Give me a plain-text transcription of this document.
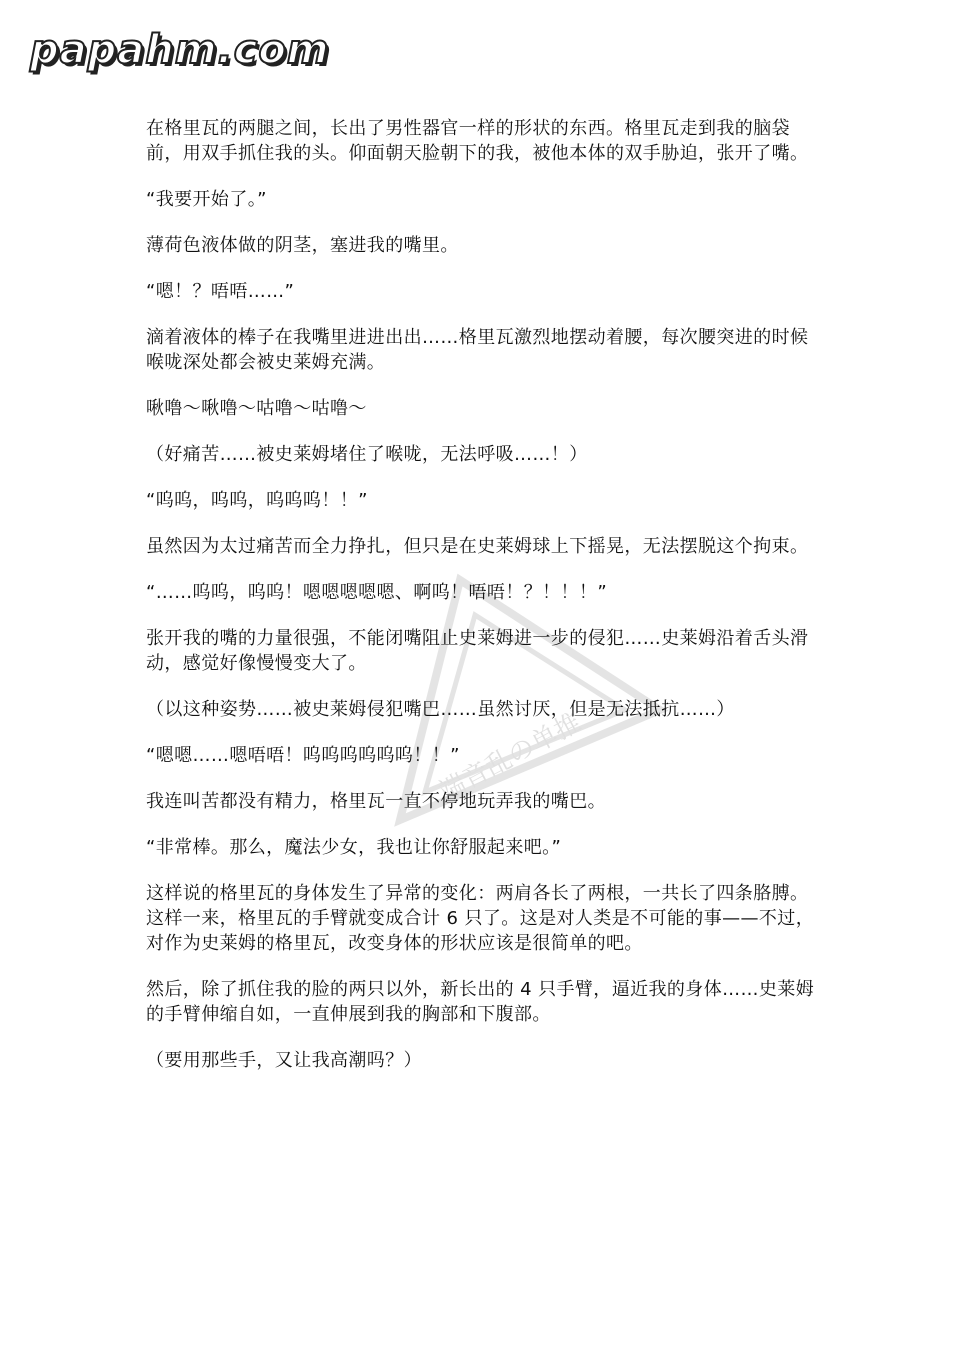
papahm.com
端音乱の单推

在格里瓦的两腿之间，长出了男性器官一样的形状的东西。格里瓦走到我的脑袋前，用双手抓住我的头。仰面朝天脸朝下的我，被他本体的双手胁迫，张开了嘴。

“我要开始了。”

薄荷色液体做的阴茎，塞进我的嘴里。

“嗯！？唔唔……”

滴着液体的棒子在我嘴里进进出出……格里瓦激烈地摆动着腰，每次腰突进的时候喉咙深处都会被史莱姆充满。

啾噜～啾噜～咕噜～咕噜～

（好痛苦……被史莱姆堵住了喉咙，无法呼吸……！）

“呜呜，呜呜，呜呜呜！！”

虽然因为太过痛苦而全力挣扎，但只是在史莱姆球上下摇晃，无法摆脱这个拘束。

“……呜呜，呜呜！嗯嗯嗯嗯嗯、啊呜！唔唔！？！！！”

张开我的嘴的力量很强，不能闭嘴阻止史莱姆进一步的侵犯……史莱姆沿着舌头滑动，感觉好像慢慢变大了。

（以这种姿势……被史莱姆侵犯嘴巴……虽然讨厌，但是无法抵抗……）

“嗯嗯……嗯唔唔！呜呜呜呜呜呜！！”

我连叫苦都没有精力，格里瓦一直不停地玩弄我的嘴巴。

“非常棒。那么，魔法少女，我也让你舒服起来吧。”

这样说的格里瓦的身体发生了异常的变化：两肩各长了两根，一共长了四条胳膊。这样一来，格里瓦的手臂就变成合计 6 只了。这是对人类是不可能的事——不过，对作为史莱姆的格里瓦，改变身体的形状应该是很简单的吧。

然后，除了抓住我的脸的两只以外，新长出的 4 只手臂，逼近我的身体……史莱姆的手臂伸缩自如，一直伸展到我的胸部和下腹部。

（要用那些手，又让我高潮吗？）
